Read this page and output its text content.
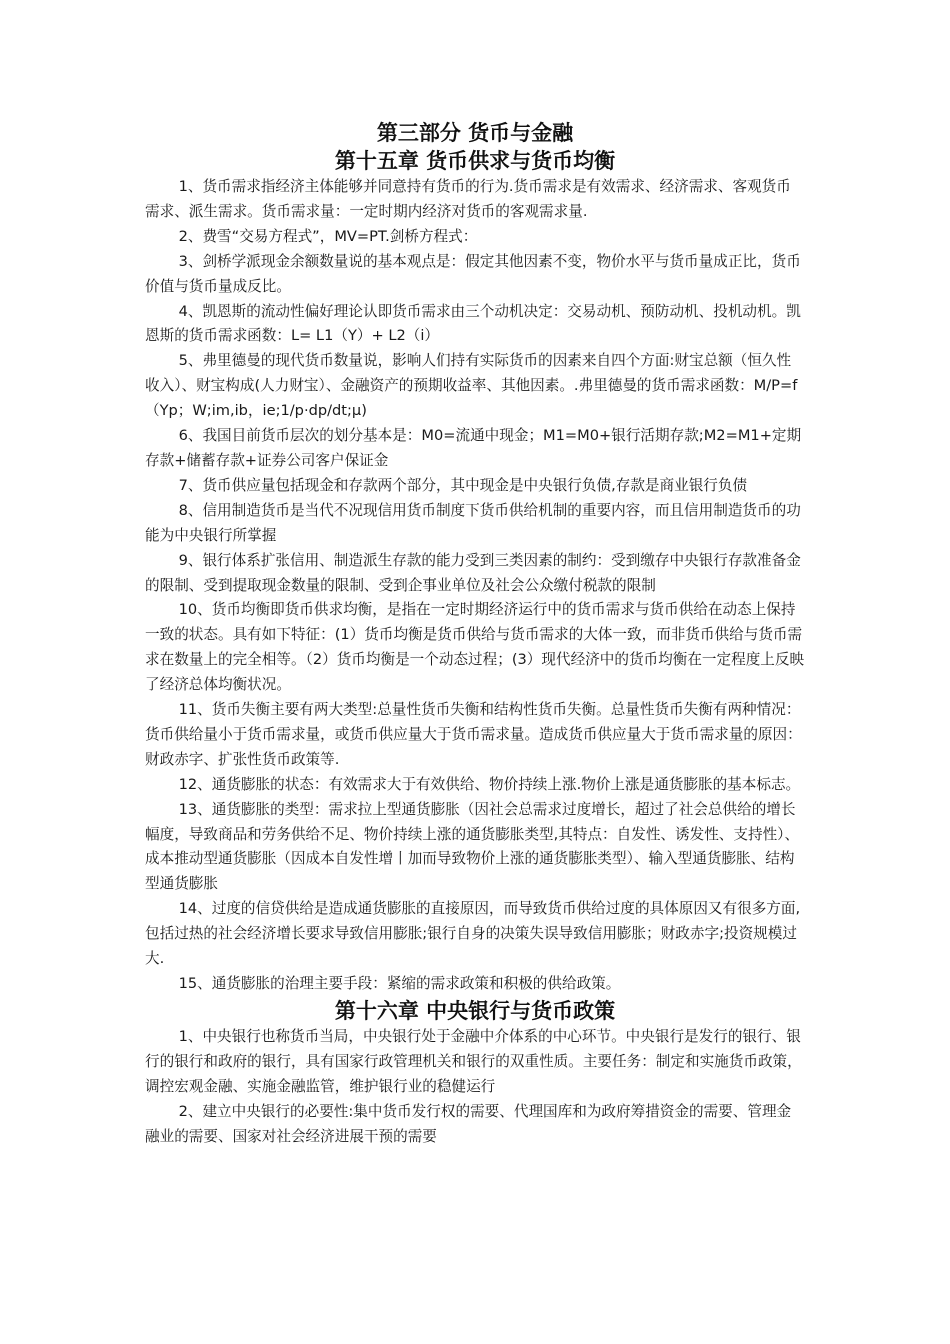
第三部分 货币与金融
第十五章 货币供求与货币均衡

1、货币需求指经济主体能够并同意持有货币的行为.货币需求是有效需求、经济需求、客观货币需求、派生需求。货币需求量：一定时期内经济对货币的客观需求量.

2、费雪“交易方程式”，MV=PT.剑桥方程式：

3、剑桥学派现金余额数量说的基本观点是：假定其他因素不变，物价水平与货币量成正比，货币价值与货币量成反比。

4、凯恩斯的流动性偏好理论认即货币需求由三个动机决定：交易动机、预防动机、投机动机。凯恩斯的货币需求函数：L= L1（Y）+ L2（i）

5、弗里德曼的现代货币数量说，影响人们持有实际货币的因素来自四个方面:财宝总额（恒久性收入）、财宝构成(人力财宝）、金融资产的预期收益率、其他因素。.弗里德曼的货币需求函数：M/P=f（Yp；W;im,ib，ie;1/p·dp/dt;μ)

6、我国目前货币层次的划分基本是：M0=流通中现金；M1=M0+银行活期存款;M2=M1+定期存款+储蓄存款+证券公司客户保证金

7、货币供应量包括现金和存款两个部分，其中现金是中央银行负债,存款是商业银行负债

8、信用制造货币是当代不况现信用货币制度下货币供给机制的重要内容，而且信用制造货币的功能为中央银行所掌握

9、银行体系扩张信用、制造派生存款的能力受到三类因素的制约：受到缴存中央银行存款准备金的限制、受到提取现金数量的限制、受到企事业单位及社会公众缴付税款的限制

10、货币均衡即货币供求均衡，是指在一定时期经济运行中的货币需求与货币供给在动态上保持一致的状态。具有如下特征：(1）货币均衡是货币供给与货币需求的大体一致，而非货币供给与货币需求在数量上的完全相等。（2）货币均衡是一个动态过程；(3）现代经济中的货币均衡在一定程度上反映了经济总体均衡状况。

11、货币失衡主要有两大类型:总量性货币失衡和结构性货币失衡。总量性货币失衡有两种情况：货币供给量小于货币需求量，或货币供应量大于货币需求量。造成货币供应量大于货币需求量的原因：财政赤字、扩张性货币政策等.

12、通货膨胀的状态：有效需求大于有效供给、物价持续上涨.物价上涨是通货膨胀的基本标志。

13、通货膨胀的类型：需求拉上型通货膨胀（因社会总需求过度增长，超过了社会总供给的增长幅度，导致商品和劳务供给不足、物价持续上涨的通货膨胀类型,其特点：自发性、诱发性、支持性）、成本推动型通货膨胀（因成本自发性增丨加而导致物价上涨的通货膨胀类型）、输入型通货膨胀、结构型通货膨胀

14、过度的信贷供给是造成通货膨胀的直接原因，而导致货币供给过度的具体原因又有很多方面,包括过热的社会经济增长要求导致信用膨胀;银行自身的决策失误导致信用膨胀；财政赤字;投资规模过大.

15、通货膨胀的治理主要手段：紧缩的需求政策和积极的供给政策。

第十六章 中央银行与货币政策

1、中央银行也称货币当局，中央银行处于金融中介体系的中心环节。中央银行是发行的银行、银行的银行和政府的银行，具有国家行政管理机关和银行的双重性质。主要任务：制定和实施货币政策，调控宏观金融、实施金融监管，维护银行业的稳健运行

2、建立中央银行的必要性:集中货币发行权的需要、代理国库和为政府筹措资金的需要、管理金融业的需要、国家对社会经济进展干预的需要
